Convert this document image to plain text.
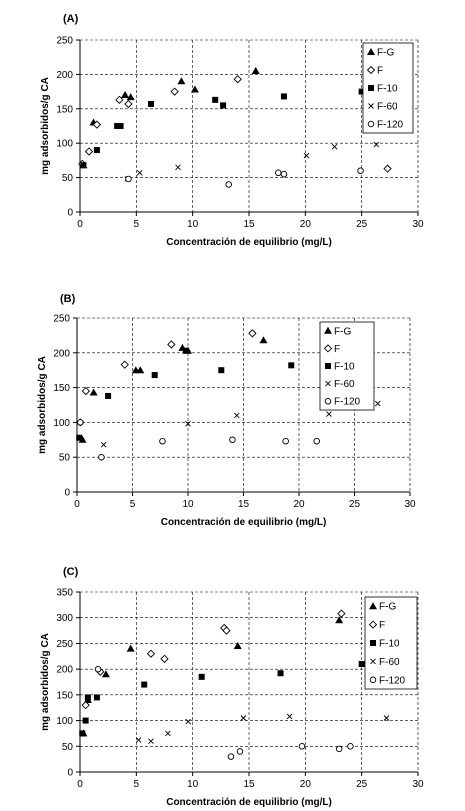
(A)
0	5	10	15	20	25	30
0
50
100
150
200
250
Concentración de equilibrio (mg/L)
mg adsorbidos/g CA
F-G
F
F-10
F-60
F-120
(B)
0	5	10	15	20	25	30
0
50
100
150
200
250
Concentración de equilibrio (mg/L)
mg adsorbidos/g CA
F-G
F
F-10
F-60
F-120
(C)
0	5	10	15	20	25	30
0
50
100
150
200
250
300
350
Concentración de equilibrio (mg/L)
mg adsorbidos/g CA
F-G
F
F-10
F-60
F-120
